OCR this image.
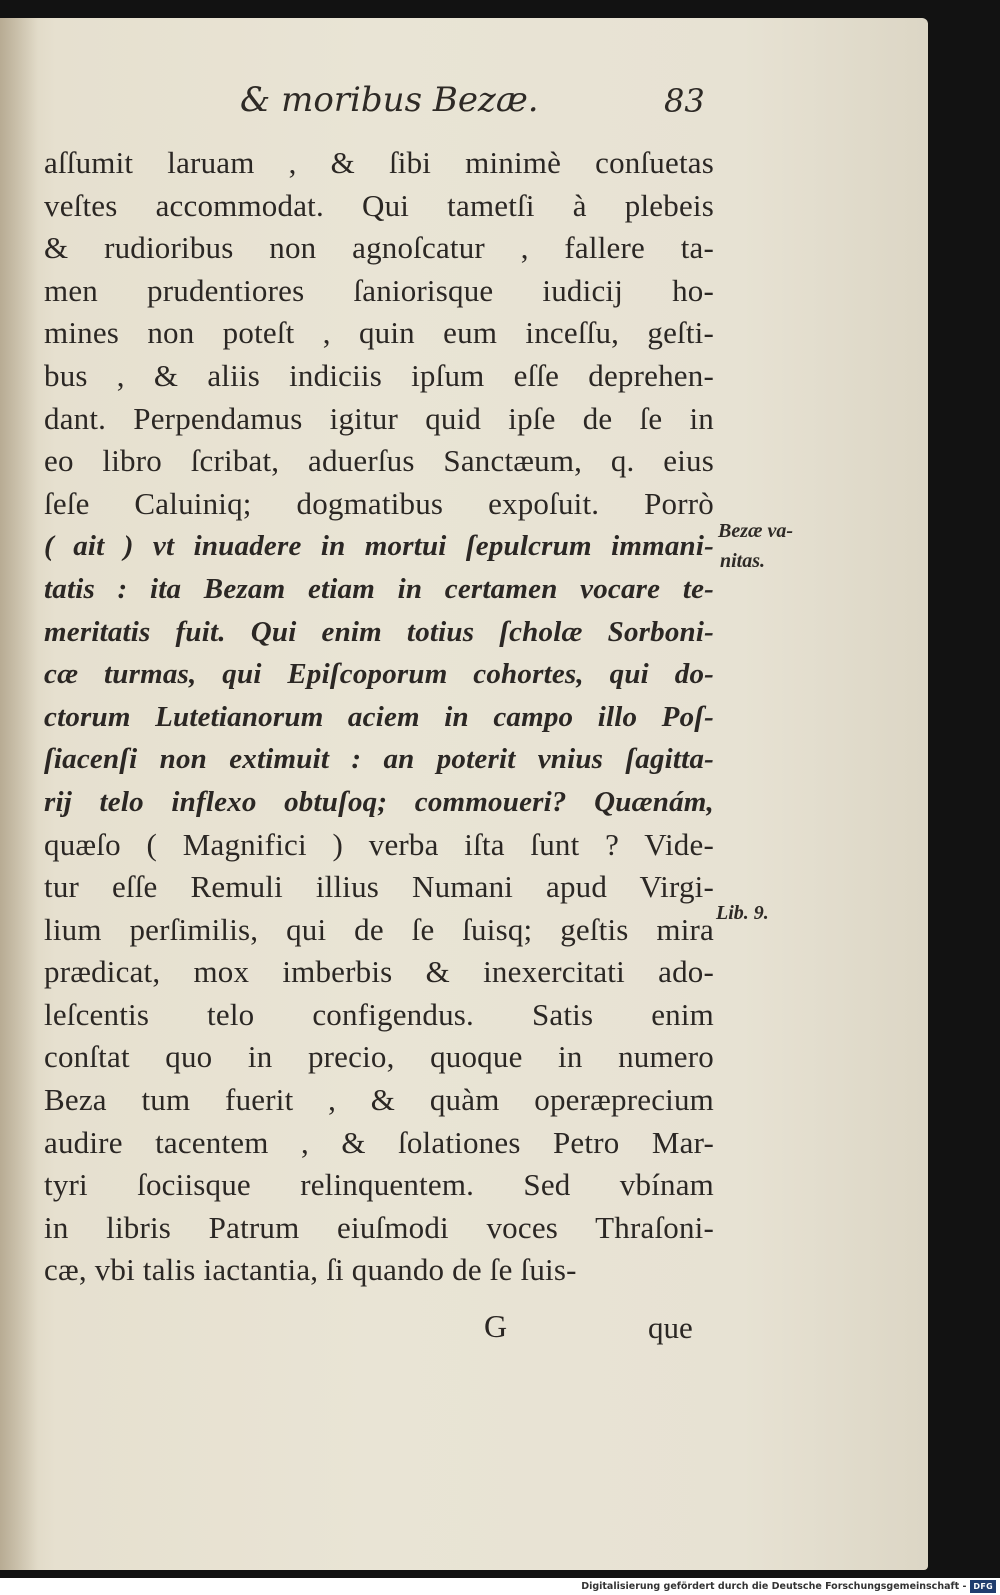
& moribus Bezæ.	83
aſſumit laruam , & ſibi minimè conſuetas
veſtes accommodat. Qui tametſi à plebeis
& rudioribus non agnoſcatur , fallere ta-
men prudentiores ſaniorisque iudicij ho-
mines non poteſt , quin eum inceſſu, geſti-
bus , & aliis indiciis ipſum eſſe deprehen-
dant. Perpendamus igitur quid ipſe de ſe in
eo libro ſcribat, aduerſus Sanctæum, q. eius
ſeſe Caluiniq; dogmatibus expoſuit. Porrò
( ait ) vt inuadere in mortui ſepulcrum immani-
tatis : ita Bezam etiam in certamen vocare te-
meritatis fuit. Qui enim totius ſcholæ Sorboni-
cæ turmas, qui Epiſcoporum cohortes, qui do-
ctorum Lutetianorum aciem in campo illo Poſ-
ſiacenſi non extimuit : an poterit vnius ſagitta-
rij telo inflexo obtuſoq; commoueri? Quænám,
quæſo ( Magnifici ) verba iſta ſunt ? Vide-
tur eſſe Remuli illius Numani apud Virgi-
lium perſimilis, qui de ſe ſuisq; geſtis mira
prædicat, mox imberbis & inexercitati ado-
leſcentis telo configendus. Satis enim
conſtat quo in precio, quoque in numero
Beza tum fuerit , & quàm operæprecium
audire tacentem , & ſolationes Petro Mar-
tyri ſociisque relinquentem. Sed vbínam
in libris Patrum eiuſmodi voces Thraſoni-
cæ, vbi talis iactantia, ſi quando de ſe ſuis-
Bezæ va-
nitas.
Lib. 9.
G	que
Digitalisierung gefördert durch die Deutsche Forschungsgemeinschaft - DFG
